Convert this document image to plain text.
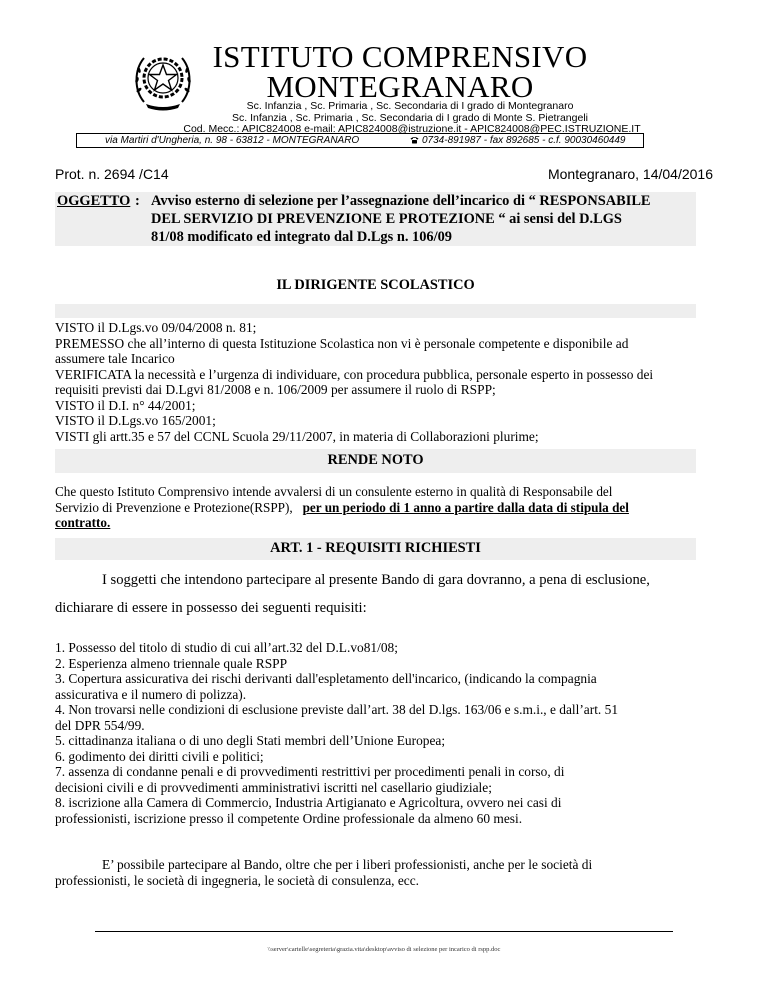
ISTITUTO COMPRENSIVO
MONTEGRANARO
Sc. Infanzia , Sc. Primaria , Sc. Secondaria di I grado di Montegranaro
Sc. Infanzia , Sc. Primaria , Sc. Secondaria di I grado di Monte S. Pietrangeli
Cod. Mecc.: APIC824008 e-mail: APIC824008@istruzione.it - APIC824008@PEC.ISTRUZIONE.IT
via Martiri d'Ungheria, n. 98 - 63812 - MONTEGRANARO	0734-891987 - fax 892685 - c.f. 90030460449
Prot. n. 2694 /C14	Montegranaro, 14/04/2016
OGGETTO : Avviso esterno di selezione per l’assegnazione dell’incarico di “ RESPONSABILE
DEL SERVIZIO DI PREVENZIONE E PROTEZIONE “ ai sensi del D.LGS
81/08 modificato ed integrato dal D.Lgs n. 106/09
IL DIRIGENTE SCOLASTICO
VISTO il D.Lgs.vo 09/04/2008 n. 81;
PREMESSO che all’interno di questa Istituzione Scolastica non vi è personale competente e disponibile ad
assumere tale Incarico
VERIFICATA la necessità e l’urgenza di individuare, con procedura pubblica, personale esperto in possesso dei
requisiti previsti dai D.Lgvi 81/2008 e n. 106/2009 per assumere il ruolo di RSPP;
VISTO il D.I. n° 44/2001;
VISTO il D.Lgs.vo 165/2001;
VISTI gli artt.35 e 57 del CCNL Scuola 29/11/2007, in materia di Collaborazioni plurime;
RENDE NOTO
Che questo Istituto Comprensivo intende avvalersi di un consulente esterno in qualità di Responsabile del
Servizio di Prevenzione e Protezione(RSPP),   per un periodo di 1 anno a partire dalla data di stipula del
contratto.
ART. 1 - REQUISITI RICHIESTI
I soggetti che intendono partecipare al presente Bando di gara dovranno, a pena di esclusione,
dichiarare di essere in possesso dei seguenti requisiti:
1. Possesso del titolo di studio di cui all’art.32 del D.L.vo81/08;
2. Esperienza almeno triennale quale RSPP
3. Copertura assicurativa dei rischi derivanti dall'espletamento dell'incarico, (indicando la compagnia
assicurativa e il numero di polizza).
4. Non trovarsi nelle condizioni di esclusione previste dall’art. 38 del D.lgs. 163/06 e s.m.i., e dall’art. 51
del DPR 554/99.
5. cittadinanza italiana o di uno degli Stati membri dell’Unione Europea;
6. godimento dei diritti civili e politici;
7. assenza di condanne penali e di provvedimenti restrittivi per procedimenti penali in corso, di
decisioni civili e di provvedimenti amministrativi iscritti nel casellario giudiziale;
8. iscrizione alla Camera di Commercio, Industria Artigianato e Agricoltura, ovvero nei casi di
professionisti, iscrizione presso il competente Ordine professionale da almeno 60 mesi.
E’ possibile partecipare al Bando, oltre che per i liberi professionisti, anche per le società di
professionisti, le società di ingegneria, le società di consulenza, ecc.
\\server\cartelle\segreteria\grazia.vita\desktop\avviso di selezione per incarico di rspp.doc
